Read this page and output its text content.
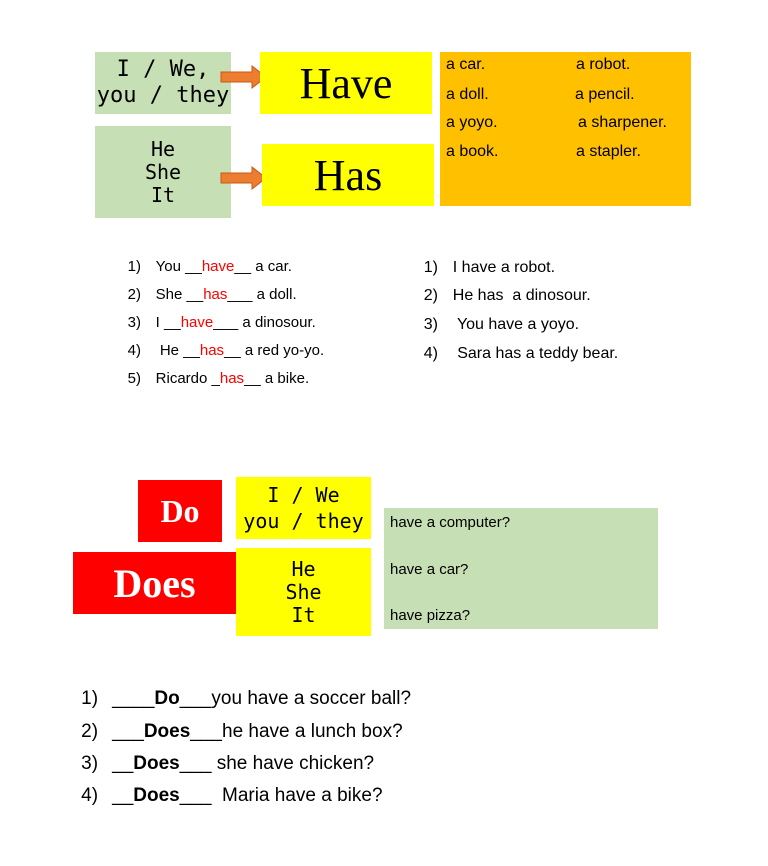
I / We,
you / they Have
He
She
It	Has
a car.	a robot.
a doll.	a pencil.
a yoyo.	a sharpener.
a book.	a stapler.

1) You __have__ a car.

2) She __has___ a doll.

3) I __have___ a dinosour.

4) He __has__ a red yo-yo.

5) Ricardo _has__ a bike.

1) I have a robot.

2) He has  a dinosour.

3) You have a yoyo.

4) Sara has a teddy bear.

Do	I / We
you / they
Does	He
She
It
have a computer?
have a car?
have pizza?

1) ____Do___you have a soccer ball?

2) ___Does___he have a lunch box?

3) __Does___ she have chicken?

4) __Does___  Maria have a bike?
